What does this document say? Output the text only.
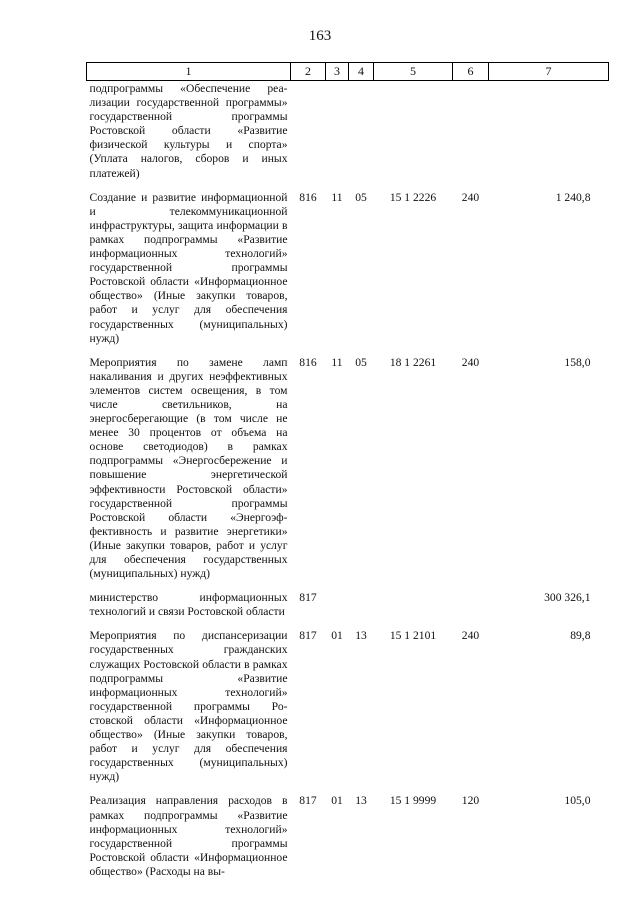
163
1	2	3	4	5	6	7
подпрограммы «Обеспечение реализации государственной программы» государственной программы Ростовской области «Развитие физической культуры и спорта» (Уплата налогов, сборов и иных платежей)						
Создание и развитие информационной и телекоммуникационной инфраструктуры, защита информации в рамках подпрограммы «Развитие информационных технологий» государственной программы Ростовской области «Информационное общество» (Иные закупки товаров, работ и услуг для обеспечения государственных (муниципальных) нужд)	816	11	05	15 1 2226	240	1 240,8
Мероприятия по замене ламп накаливания и других неэффективных элементов систем освещения, в том числе светильников, на энергосберегающие (в том числе не менее 30 процентов от объема на основе светодиодов) в рамках подпрограммы «Энергосбережение и повышение энергетической эффективности Ростовской области» государственной программы Ростовской области «Энергоэффективность и развитие энергетики» (Иные закупки товаров, работ и услуг для обеспечения государственных (муниципальных) нужд)	816	11	05	18 1 2261	240	158,0
министерство информационных технологий и связи Ростовской области	817					300 326,1
Мероприятия по диспансеризации государственных гражданских служащих Ростовской области в рамках подпрограммы «Развитие информационных технологий» государственной программы Ростовской области «Информационное общество» (Иные закупки товаров, работ и услуг для обеспечения государственных (муниципальных) нужд)	817	01	13	15 1 2101	240	89,8
Реализация направления расходов в рамках подпрограммы «Развитие информационных технологий» государственной программы Ростовской области «Информационное общество» (Расходы на вы-	817	01	13	15 1 9999	120	105,0
